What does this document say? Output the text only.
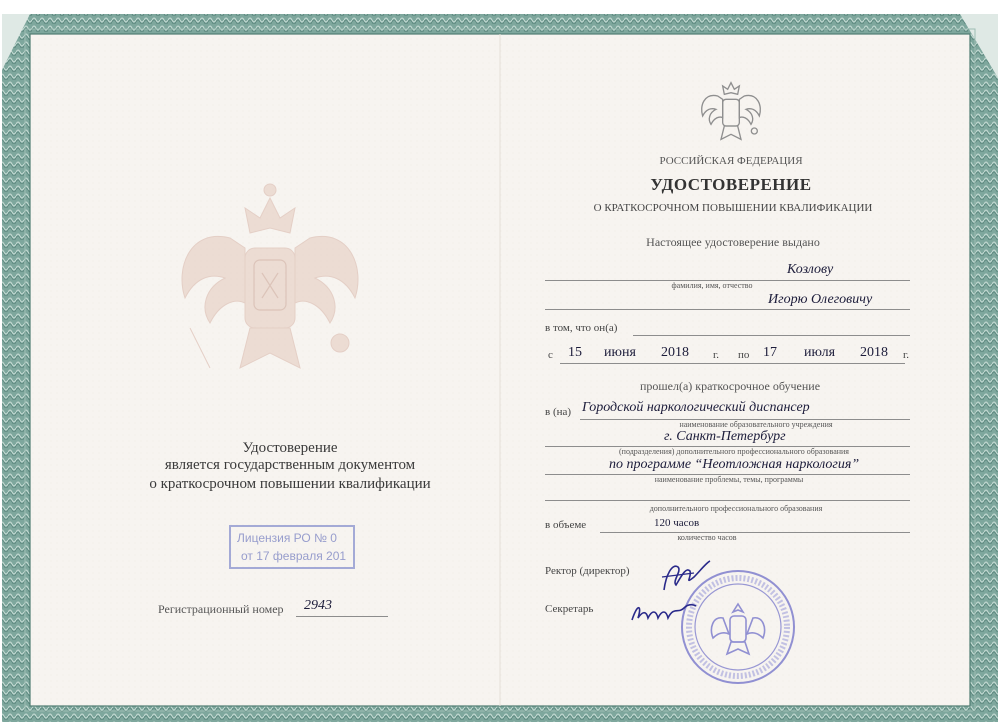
Удостоверение
является государственным документом
о краткосрочном повышении квалификации
Лицензия РО № 0
от 17 февраля 201
Регистрационный номер 2943
РОССИЙСКАЯ ФЕДЕРАЦИЯ
УДОСТОВЕРЕНИЕ
О КРАТКОСРОЧНОМ ПОВЫШЕНИИ КВАЛИФИКАЦИИ
Настоящее удостоверение выдано
Козлову
фамилия, имя, отчество
Игорю Олеговичу
в том, что он(а)
с 15 июня 2018 г. по 17 июля 2018 г.
прошел(а) краткосрочное обучение
в (на) Городской наркологический диспансер
наименование образовательного учреждения
г. Санкт-Петербург
(подразделения) дополнительного профессионального образования
по программе “Неотложная наркология”
наименование проблемы, темы, программы
дополнительного профессионального образования
в объеме	120 часов
количество часов
Ректор (директор)
Секретарь
